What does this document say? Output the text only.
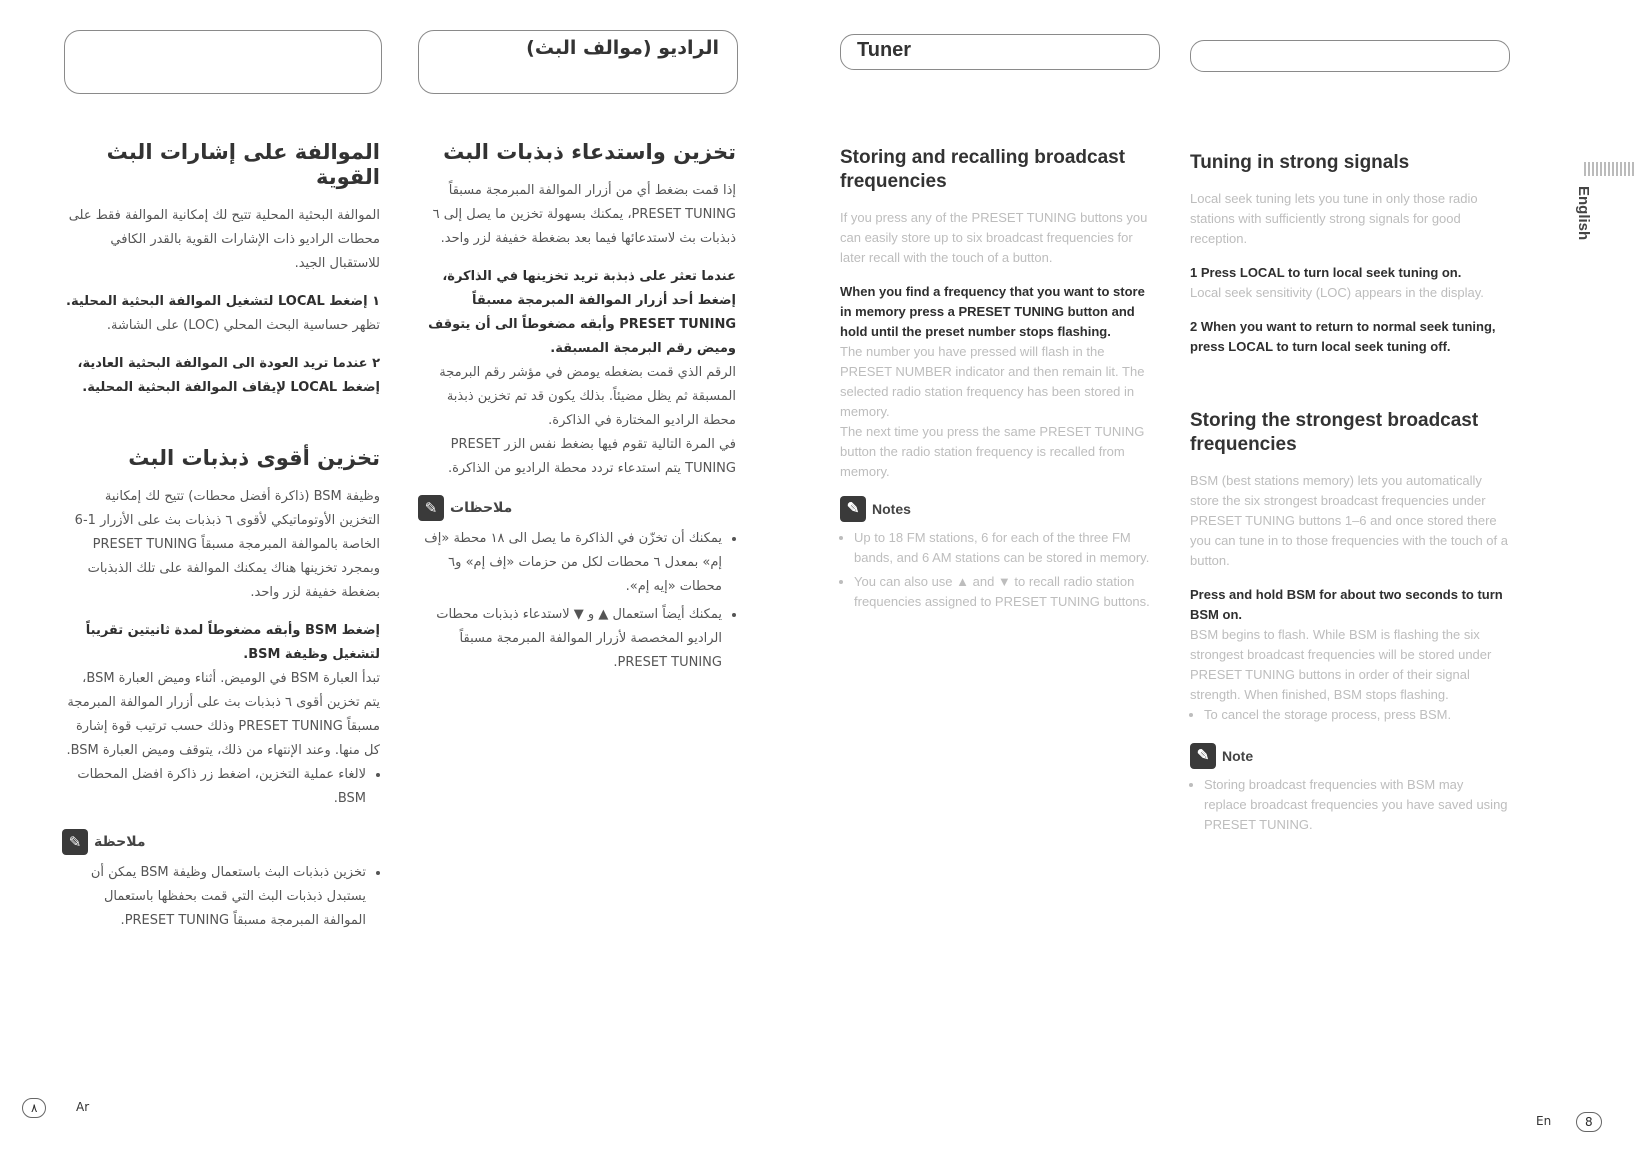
الراديو (موالف البث)	Tuner
English
الموالفة على إشارات البث القوية

الموالفة البحثية المحلية تتيح لك إمكانية الموالفة فقط على محطات الراديو ذات الإشارات القوية بالقدر الكافي للاستقبال الجيد.

١ إضغط LOCAL لتشغيل الموالفة البحثية المحلية.

تظهر حساسية البحث المحلي (LOC) على الشاشة.

٢ عندما تريد العودة الى الموالفة البحثية العادية، إضغط LOCAL لإيقاف الموالفة البحثية المحلية.

تخزين أقوى ذبذبات البث

وظيفة BSM (ذاكرة أفضل محطات) تتيح لك إمكانية التخزين الأوتوماتيكي لأقوى ٦ ذبذبات بث على الأزرار 1-6 الخاصة بالموالفة المبرمجة مسبقاً PRESET TUNING وبمجرد تخزينها هناك يمكنك الموالفة على تلك الذبذبات بضغطة خفيفة لزر واحد.

إضغط BSM وأبقه مضغوطاً لمدة ثانيتين تقريباً لتشغيل وظيفة BSM.

تبدأ العبارة BSM في الوميض. أثناء وميض العبارة BSM، يتم تخزين أقوى ٦ ذبذبات بث على أزرار الموالفة المبرمجة مسبقاً PRESET TUNING وذلك حسب ترتيب قوة إشارة كل منها. وعند الإنتهاء من ذلك، يتوقف وميض العبارة BSM.

• لالغاء عملية التخزين، اضغط زر ذاكرة افضل المحطات BSM.
✎ ملاحظة
• تخزين ذبذبات البث باستعمال وظيفة BSM يمكن أن يستبدل ذبذبات البث التي قمت بحفظها باستعمال الموالفة المبرمجة مسبقاً PRESET TUNING.
تخزين واستدعاء ذبذبات البث

إذا قمت بضغط أي من أزرار الموالفة المبرمجة مسبقاً PRESET TUNING، يمكنك بسهولة تخزين ما يصل إلى ٦ ذبذبات بث لاستدعائها فيما بعد بضغطة خفيفة لزر واحد.

عندما تعثر على ذبذبة تريد تخزينها في الذاكرة، إضغط أحد أزرار الموالفة المبرمجة مسبقاً PRESET TUNING وأبقه مضغوطاً الى أن يتوقف وميض رقم البرمجة المسبقة.

الرقم الذي قمت بضغطه يومض في مؤشر رقم البرمجة المسبقة ثم يظل مضيئاً. بذلك يكون قد تم تخزين ذبذبة محطة الراديو المختارة في الذاكرة.

في المرة التالية تقوم فيها بضغط نفس الزر PRESET TUNING يتم استدعاء تردد محطة الراديو من الذاكرة.

✎ ملاحظات
• يمكنك أن تخزّن في الذاكرة ما يصل الى ١٨ محطة «إف إم» بمعدل ٦ محطات لكل من حزمات «إف إم» و٦ محطات «إيه إم».
• يمكنك أيضاً استعمال ▲ و ▼ لاستدعاء ذبذبات محطات الراديو المخصصة لأزرار الموالفة المبرمجة مسبقاً PRESET TUNING.
Storing and recalling broadcast frequencies

If you press any of the PRESET TUNING buttons you can easily store up to six broadcast frequencies for later recall with the touch of a button.

When you find a frequency that you want to store in memory press a PRESET TUNING button and hold until the preset number stops flashing.

The number you have pressed will flash in the PRESET NUMBER indicator and then remain lit. The selected radio station frequency has been stored in memory.

The next time you press the same PRESET TUNING button the radio station frequency is recalled from memory.

✎ Notes
• Up to 18 FM stations, 6 for each of the three FM bands, and 6 AM stations can be stored in memory.
• You can also use ▲ and ▼ to recall radio station frequencies assigned to PRESET TUNING buttons.
Tuning in strong signals

Local seek tuning lets you tune in only those radio stations with sufficiently strong signals for good reception.

1 Press LOCAL to turn local seek tuning on.

Local seek sensitivity (LOC) appears in the display.

2 When you want to return to normal seek tuning, press LOCAL to turn local seek tuning off.

Storing the strongest broadcast frequencies

BSM (best stations memory) lets you automatically store the six strongest broadcast frequencies under PRESET TUNING buttons 1–6 and once stored there you can tune in to those frequencies with the touch of a button.

Press and hold BSM for about two seconds to turn BSM on.

BSM begins to flash. While BSM is flashing the six strongest broadcast frequencies will be stored under PRESET TUNING buttons in order of their signal strength. When finished, BSM stops flashing.

• To cancel the storage process, press BSM.
✎ Note
• Storing broadcast frequencies with BSM may replace broadcast frequencies you have saved using PRESET TUNING.
٨	Ar
En	8
